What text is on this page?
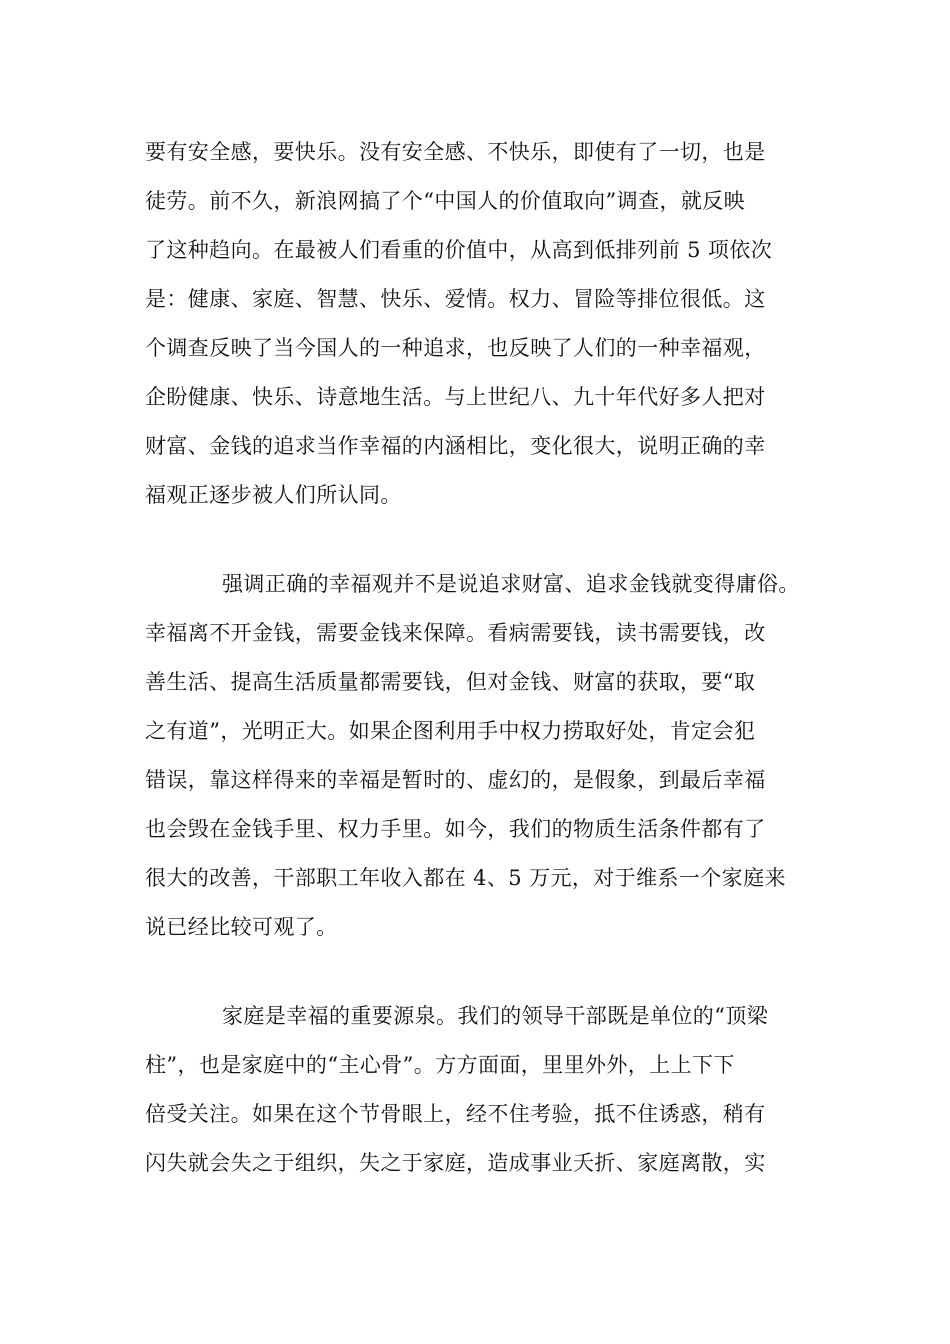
要有安全感，要快乐。没有安全感、不快乐，即使有了一切，也是
徒劳。前不久，新浪网搞了个“中国人的价值取向”调查，就反映
了这种趋向。在最被人们看重的价值中，从高到低排列前 5 项依次
是：健康、家庭、智慧、快乐、爱情。权力、冒险等排位很低。这
个调查反映了当今国人的一种追求，也反映了人们的一种幸福观，
企盼健康、快乐、诗意地生活。与上世纪八、九十年代好多人把对
财富、金钱的追求当作幸福的内涵相比，变化很大，说明正确的幸
福观正逐步被人们所认同。
强调正确的幸福观并不是说追求财富、追求金钱就变得庸俗。
幸福离不开金钱，需要金钱来保障。看病需要钱，读书需要钱，改
善生活、提高生活质量都需要钱，但对金钱、财富的获取，要“取
之有道”，光明正大。如果企图利用手中权力捞取好处，肯定会犯
错误，靠这样得来的幸福是暂时的、虚幻的，是假象，到最后幸福
也会毁在金钱手里、权力手里。如今，我们的物质生活条件都有了
很大的改善，干部职工年收入都在 4、5 万元，对于维系一个家庭来
说已经比较可观了。
家庭是幸福的重要源泉。我们的领导干部既是单位的“顶梁
柱”，也是家庭中的“主心骨”。方方面面，里里外外，上上下下
倍受关注。如果在这个节骨眼上，经不住考验，抵不住诱惑，稍有
闪失就会失之于组织，失之于家庭，造成事业夭折、家庭离散，实
